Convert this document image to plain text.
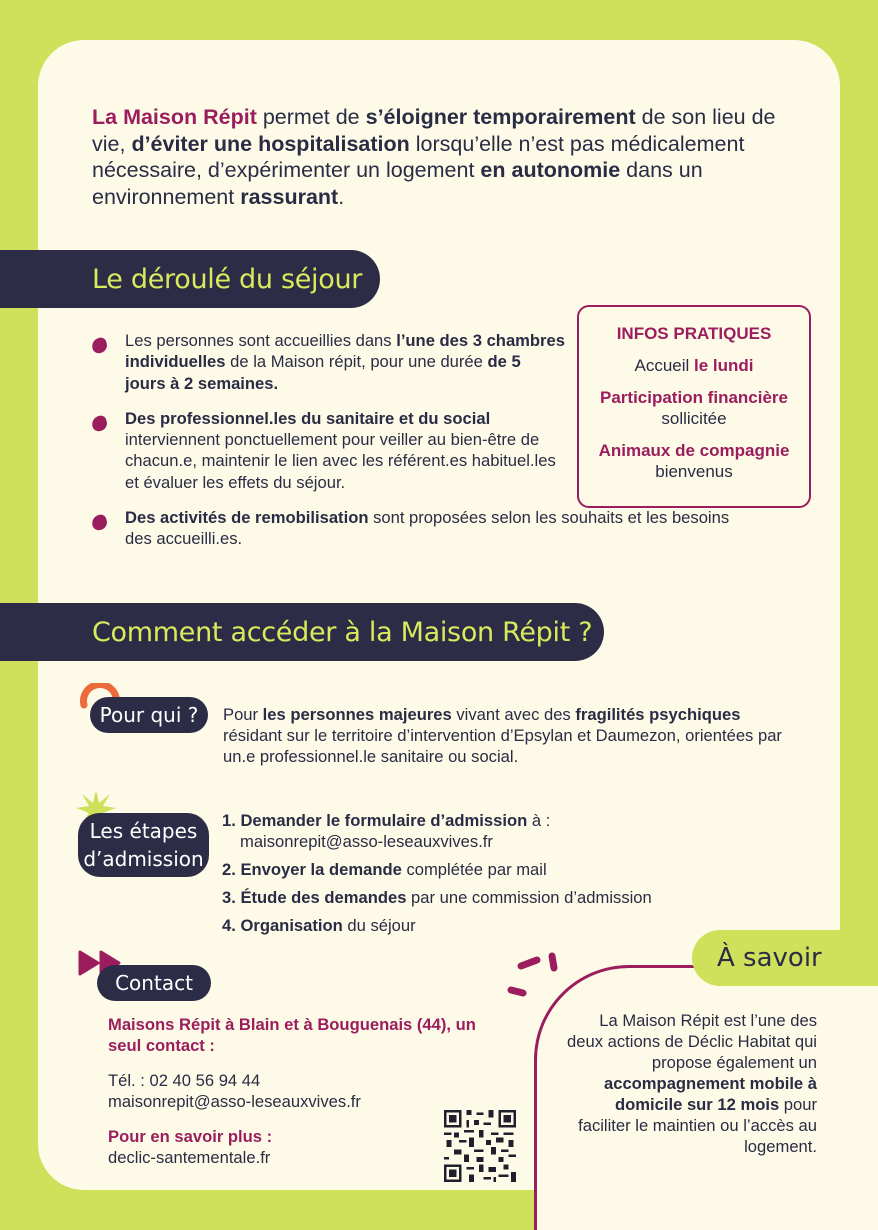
La Maison Répit permet de s’éloigner temporairement de son lieu de vie, d’éviter une hospitalisation lorsqu’elle n’est pas médicalement nécessaire, d’expérimenter un logement en autonomie dans un environnement rassurant.

Le déroulé du séjour
Les personnes sont accueillies dans l’une des 3 chambres individuelles de la Maison répit, pour une durée de 5 jours à 2 semaines.
Des professionnel.les du sanitaire et du social interviennent ponctuellement pour veiller au bien-être de chacun.e, maintenir le lien avec les référent.es habituel.les et évaluer les effets du séjour.
Des activités de remobilisation sont proposées selon les souhaits et les besoins des accueilli.es.
INFOS PRATIQUES

Accueil le lundi

Participation financière sollicitée

Animaux de compagnie bienvenus

Comment accéder à la Maison Répit ?
Pour qui ?	Pour les personnes majeures vivant avec des fragilités psychiques résidant sur le territoire d’intervention d’Epsylan et Daumezon, orientées par un.e professionnel.le sanitaire ou social.

Les étapes
d’admission
1. Demander le formulaire d’admission à :
maisonrepit@asso-leseauxvives.fr
2. Envoyer la demande complétée par mail
3. Étude des demandes par une commission d’admission
4. Organisation du séjour
Contact

Maisons Répit à Blain et à Bouguenais (44), un seul contact :

Tél. : 02 40 56 94 44
maisonrepit@asso-leseauxvives.fr

Pour en savoir plus :
declic-santementale.fr

À savoir

La Maison Répit est l’une des deux actions de Déclic Habitat qui propose également un accompagnement mobile à domicile sur 12 mois pour faciliter le maintien ou l’accès au logement.
